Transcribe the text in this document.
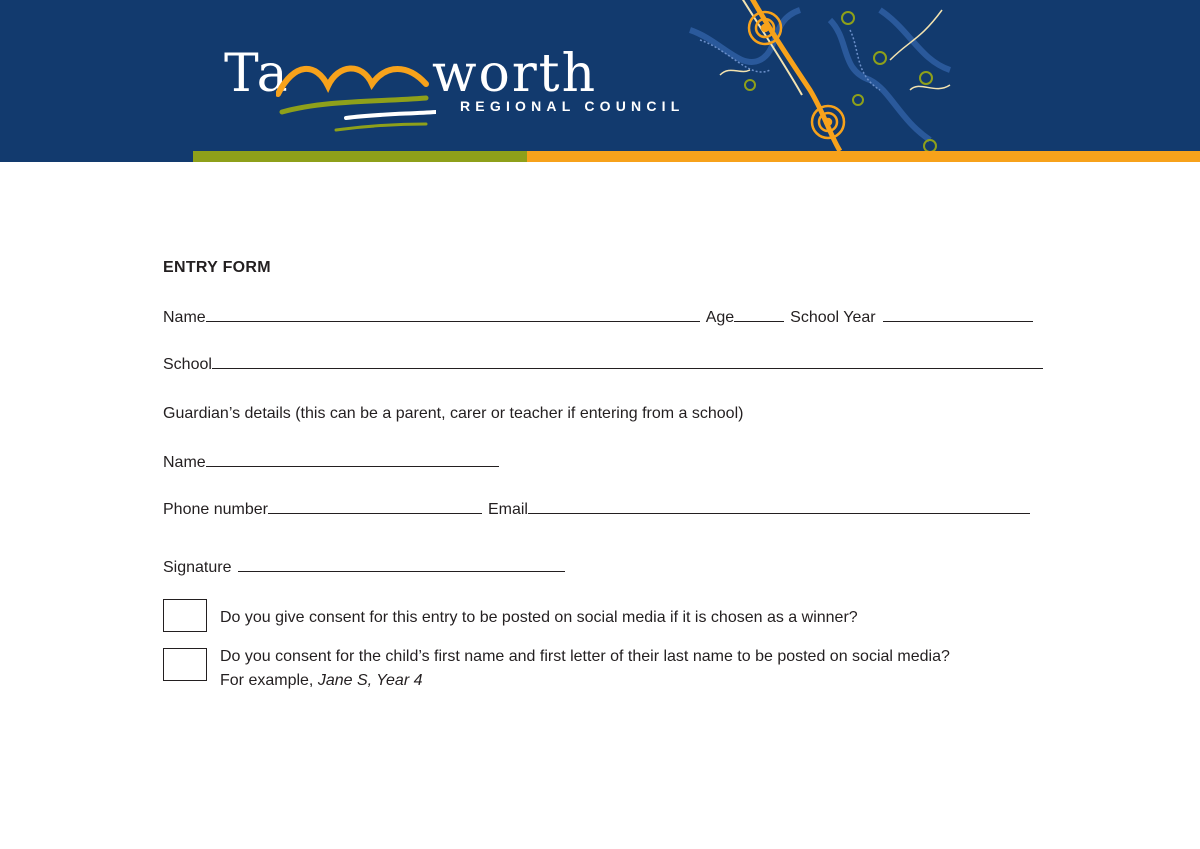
Ta	worth
REGIONAL COUNCIL
ENTRY FORM
Name	Age	School Year
School
Guardian’s details (this can be a parent, carer or teacher if entering from a school)
Name
Phone number	Email
Signature
Do you give consent for this entry to be posted on social media if it is chosen as a winner?
Do you consent for the child’s first name and first letter of their last name to be posted on social media?
For example, Jane S, Year 4
